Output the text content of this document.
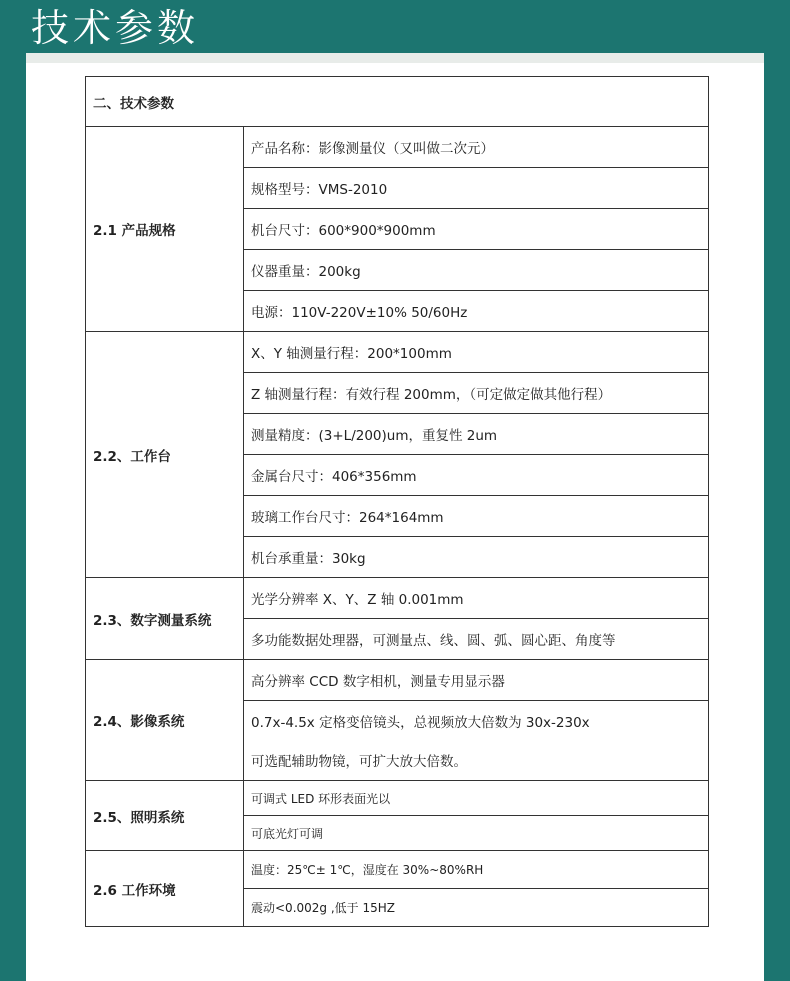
技术参数
二、技术参数	
2.1 产品规格	产品名称：影像测量仪（又叫做二次元）
	规格型号：VMS-2010
	机台尺寸：600*900*900mm
	仪器重量：200kg
	电源：110V-220V±10% 50/60Hz
2.2、工作台	X、Y 轴测量行程：200*100mm
	Z 轴测量行程：有效行程 200mm，（可定做定做其他行程）
	测量精度：(3+L/200)um，重复性 2um
	金属台尺寸：406*356mm
	玻璃工作台尺寸：264*164mm
	机台承重量：30kg
2.3、数字测量系统	光学分辨率 X、Y、Z 轴 0.001mm
	多功能数据处理器，可测量点、线、圆、弧、圆心距、角度等
2.4、影像系统	高分辨率 CCD 数字相机，测量专用显示器

	0.7x-4.5x 定格变倍镜头，总视频放大倍数为 30x-230x
可选配辅助物镜，可扩大放大倍数。

2.5、照明系统	可调式 LED 环形表面光以
	可底光灯可调
2.6 工作环境	温度：25℃± 1℃，湿度在 30%~80%RH
	震动<0.002g ,低于 15HZ
